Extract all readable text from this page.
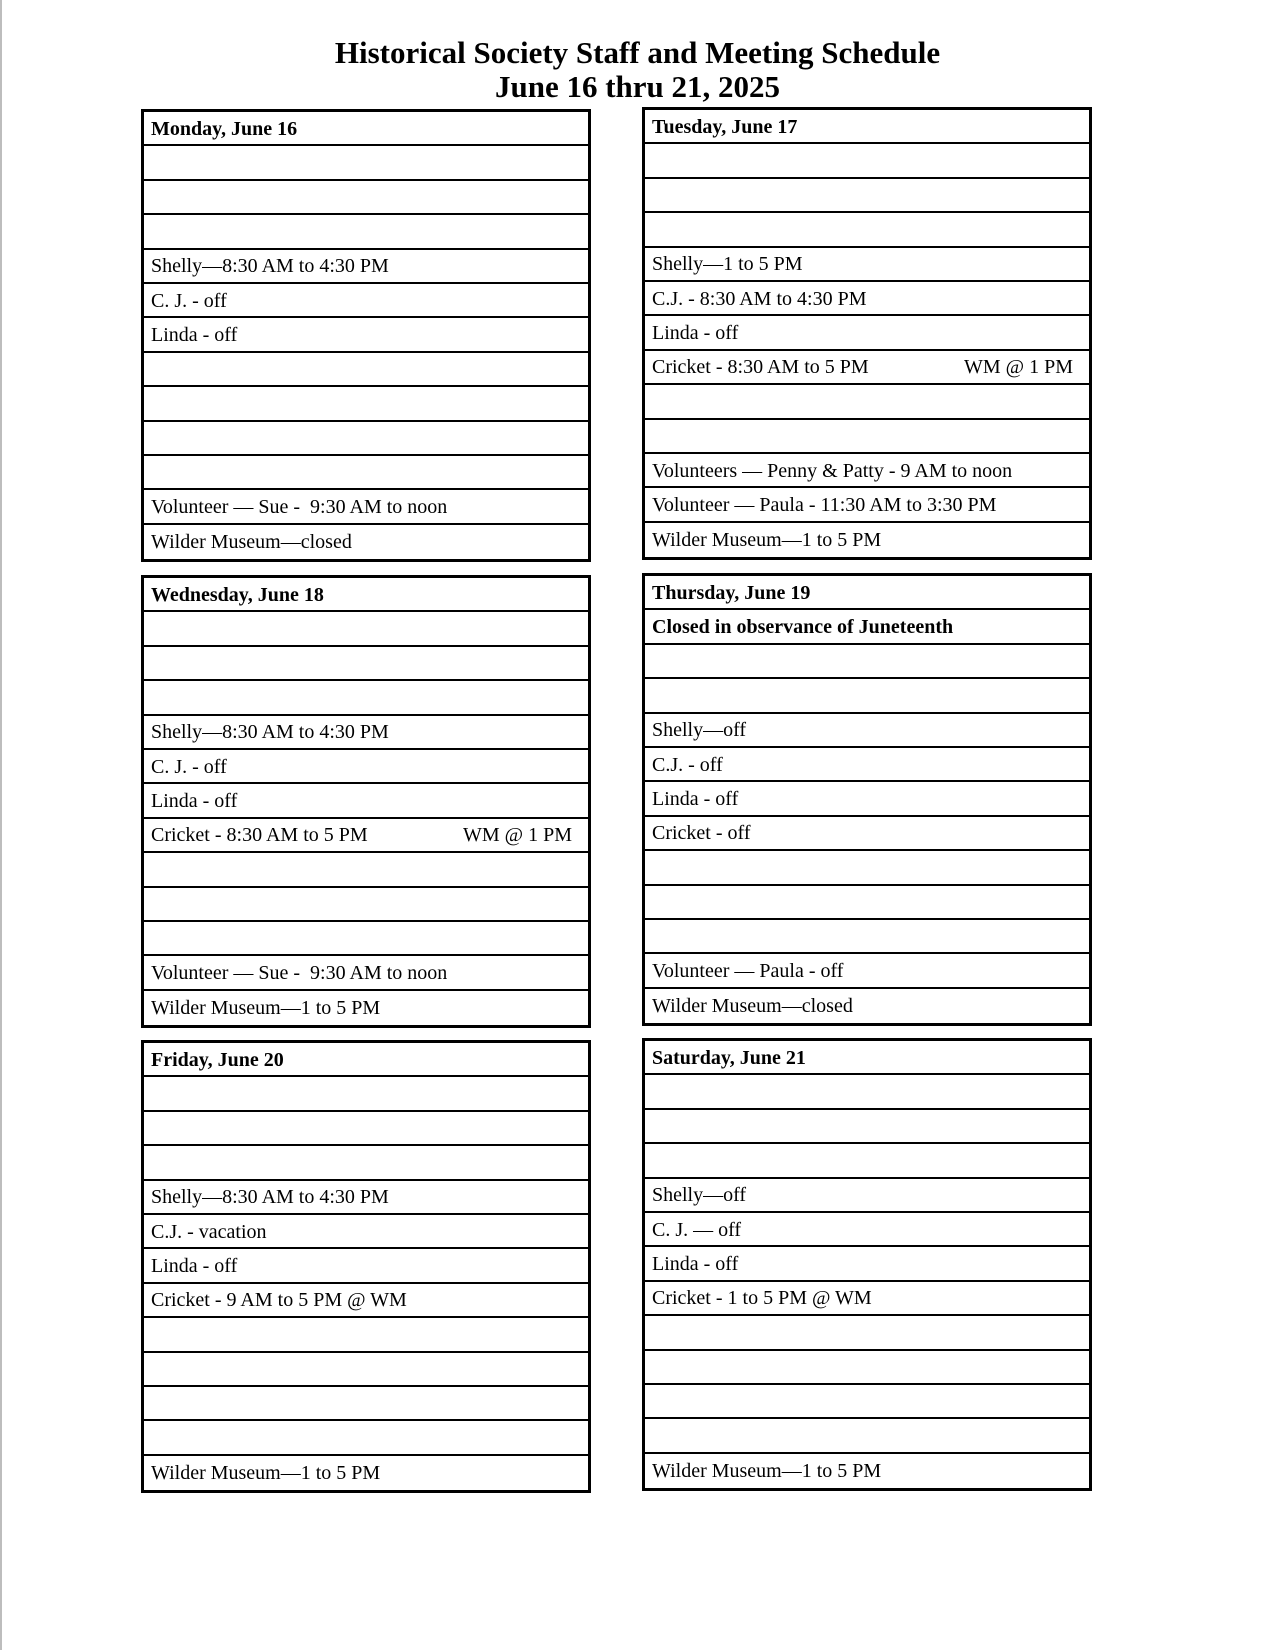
Historical Society Staff and Meeting Schedule
June 16 thru 21, 2025
Monday, June 16
Shelly—8:30 AM to 4:30 PM
C. J. - off
Linda - off
Volunteer — Sue -  9:30 AM to noon
Wilder Museum—closed
Tuesday, June 17
Shelly—1 to 5 PM
C.J. - 8:30 AM to 4:30 PM
Linda - off
Cricket - 8:30 AM to 5 PM	WM @ 1 PM
Volunteers — Penny & Patty - 9 AM to noon
Volunteer — Paula - 11:30 AM to 3:30 PM
Wilder Museum—1 to 5 PM
Wednesday, June 18
Shelly—8:30 AM to 4:30 PM
C. J. - off
Linda - off
Cricket - 8:30 AM to 5 PM	WM @ 1 PM
Volunteer — Sue -  9:30 AM to noon
Wilder Museum—1 to 5 PM
Thursday, June 19
Closed in observance of Juneteenth
Shelly—off
C.J. - off
Linda - off
Cricket - off
Volunteer — Paula - off
Wilder Museum—closed
Friday, June 20
Shelly—8:30 AM to 4:30 PM
C.J. - vacation
Linda - off
Cricket - 9 AM to 5 PM @ WM
Wilder Museum—1 to 5 PM
Saturday, June 21
Shelly—off
C. J. — off
Linda - off
Cricket - 1 to 5 PM @ WM
Wilder Museum—1 to 5 PM
